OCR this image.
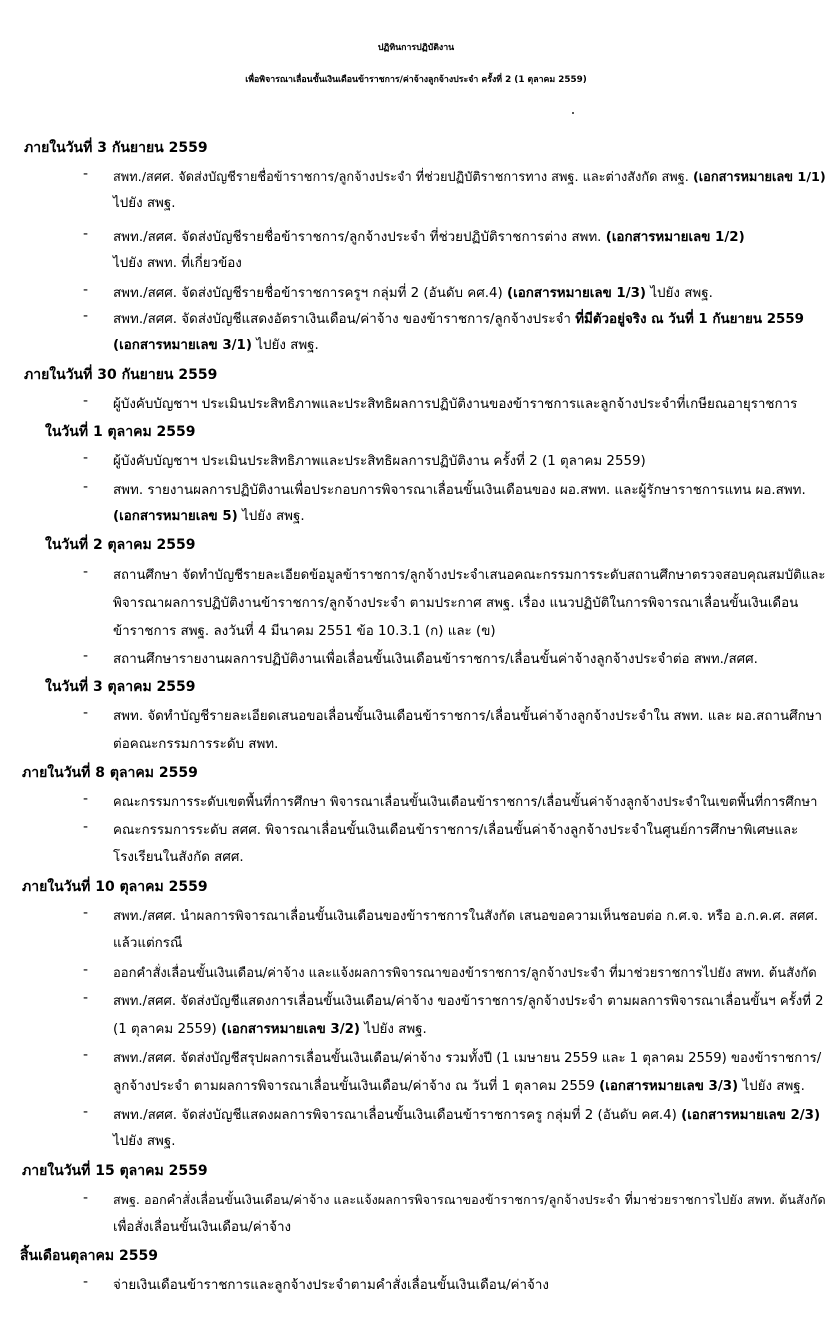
ปฏิทินการปฏิบัติงาน
เพื่อพิจารณาเลื่อนขั้นเงินเดือนข้าราชการ/ค่าจ้างลูกจ้างประจำ ครั้งที่ 2 (1 ตุลาคม 2559)
ภายในวันที่ 3 กันยายน 2559
- สพท./สศศ. จัดส่งบัญชีรายชื่อข้าราชการ/ลูกจ้างประจำ ที่ช่วยปฏิบัติราชการทาง สพฐ. และต่างสังกัด สพฐ. (เอกสารหมายเลข 1/1)
ไปยัง สพฐ.
- สพท./สศศ. จัดส่งบัญชีรายชื่อข้าราชการ/ลูกจ้างประจำ ที่ช่วยปฏิบัติราชการต่าง สพท. (เอกสารหมายเลข 1/2)
ไปยัง สพท. ที่เกี่ยวข้อง
- สพท./สศศ. จัดส่งบัญชีรายชื่อข้าราชการครูฯ กลุ่มที่ 2 (อันดับ คศ.4) (เอกสารหมายเลข 1/3) ไปยัง สพฐ.
- สพท./สศศ. จัดส่งบัญชีแสดงอัตราเงินเดือน/ค่าจ้าง ของข้าราชการ/ลูกจ้างประจำ ที่มีตัวอยู่จริง ณ วันที่ 1 กันยายน 2559
(เอกสารหมายเลข 3/1) ไปยัง สพฐ.
ภายในวันที่ 30 กันยายน 2559
- ผู้บังคับบัญชาฯ ประเมินประสิทธิภาพและประสิทธิผลการปฏิบัติงานของข้าราชการและลูกจ้างประจำที่เกษียณอายุราชการ
ในวันที่ 1 ตุลาคม 2559
- ผู้บังคับบัญชาฯ ประเมินประสิทธิภาพและประสิทธิผลการปฏิบัติงาน ครั้งที่ 2 (1 ตุลาคม 2559)
- สพท. รายงานผลการปฏิบัติงานเพื่อประกอบการพิจารณาเลื่อนขั้นเงินเดือนของ ผอ.สพท. และผู้รักษาราชการแทน ผอ.สพท.
(เอกสารหมายเลข 5) ไปยัง สพฐ.
ในวันที่ 2 ตุลาคม 2559
- สถานศึกษา จัดทำบัญชีรายละเอียดข้อมูลข้าราชการ/ลูกจ้างประจำเสนอคณะกรรมการระดับสถานศึกษาตรวจสอบคุณสมบัติและ
พิจารณาผลการปฏิบัติงานข้าราชการ/ลูกจ้างประจำ ตามประกาศ สพฐ. เรื่อง แนวปฏิบัติในการพิจารณาเลื่อนขั้นเงินเดือน
ข้าราชการ สพฐ. ลงวันที่ 4 มีนาคม 2551 ข้อ 10.3.1 (ก) และ (ข)
- สถานศึกษารายงานผลการปฏิบัติงานเพื่อเลื่อนขั้นเงินเดือนข้าราชการ/เลื่อนขั้นค่าจ้างลูกจ้างประจำต่อ สพท./สศศ.
ในวันที่ 3 ตุลาคม 2559
- สพท. จัดทำบัญชีรายละเอียดเสนอขอเลื่อนขั้นเงินเดือนข้าราชการ/เลื่อนขั้นค่าจ้างลูกจ้างประจำใน สพท. และ ผอ.สถานศึกษา
ต่อคณะกรรมการระดับ สพท.
ภายในวันที่ 8 ตุลาคม 2559
- คณะกรรมการระดับเขตพื้นที่การศึกษา พิจารณาเลื่อนขั้นเงินเดือนข้าราชการ/เลื่อนขั้นค่าจ้างลูกจ้างประจำในเขตพื้นที่การศึกษา
- คณะกรรมการระดับ สศศ. พิจารณาเลื่อนขั้นเงินเดือนข้าราชการ/เลื่อนขั้นค่าจ้างลูกจ้างประจำในศูนย์การศึกษาพิเศษและ
โรงเรียนในสังกัด สศศ.
ภายในวันที่ 10 ตุลาคม 2559
- สพท./สศศ. นำผลการพิจารณาเลื่อนขั้นเงินเดือนของข้าราชการในสังกัด เสนอขอความเห็นชอบต่อ ก.ศ.จ. หรือ อ.ก.ค.ศ. สศศ.
แล้วแต่กรณี
- ออกคำสั่งเลื่อนขั้นเงินเดือน/ค่าจ้าง และแจ้งผลการพิจารณาของข้าราชการ/ลูกจ้างประจำ ที่มาช่วยราชการไปยัง สพท. ต้นสังกัด
- สพท./สศศ. จัดส่งบัญชีแสดงการเลื่อนขั้นเงินเดือน/ค่าจ้าง ของข้าราชการ/ลูกจ้างประจำ ตามผลการพิจารณาเลื่อนขั้นฯ ครั้งที่ 2
(1 ตุลาคม 2559) (เอกสารหมายเลข 3/2) ไปยัง สพฐ.
- สพท./สศศ. จัดส่งบัญชีสรุปผลการเลื่อนขั้นเงินเดือน/ค่าจ้าง รวมทั้งปี (1 เมษายน 2559 และ 1 ตุลาคม 2559) ของข้าราชการ/
ลูกจ้างประจำ ตามผลการพิจารณาเลื่อนขั้นเงินเดือน/ค่าจ้าง ณ วันที่ 1 ตุลาคม 2559 (เอกสารหมายเลข 3/3) ไปยัง สพฐ.
- สพท./สศศ. จัดส่งบัญชีแสดงผลการพิจารณาเลื่อนขั้นเงินเดือนข้าราชการครู กลุ่มที่ 2 (อันดับ คศ.4) (เอกสารหมายเลข 2/3)
ไปยัง สพฐ.
ภายในวันที่ 15 ตุลาคม 2559
- สพฐ. ออกคำสั่งเลื่อนขั้นเงินเดือน/ค่าจ้าง และแจ้งผลการพิจารณาของข้าราชการ/ลูกจ้างประจำ ที่มาช่วยราชการไปยัง สพท. ต้นสังกัด
เพื่อสั่งเลื่อนขั้นเงินเดือน/ค่าจ้าง
สิ้นเดือนตุลาคม 2559
- จ่ายเงินเดือนข้าราชการและลูกจ้างประจำตามคำสั่งเลื่อนขั้นเงินเดือน/ค่าจ้าง
